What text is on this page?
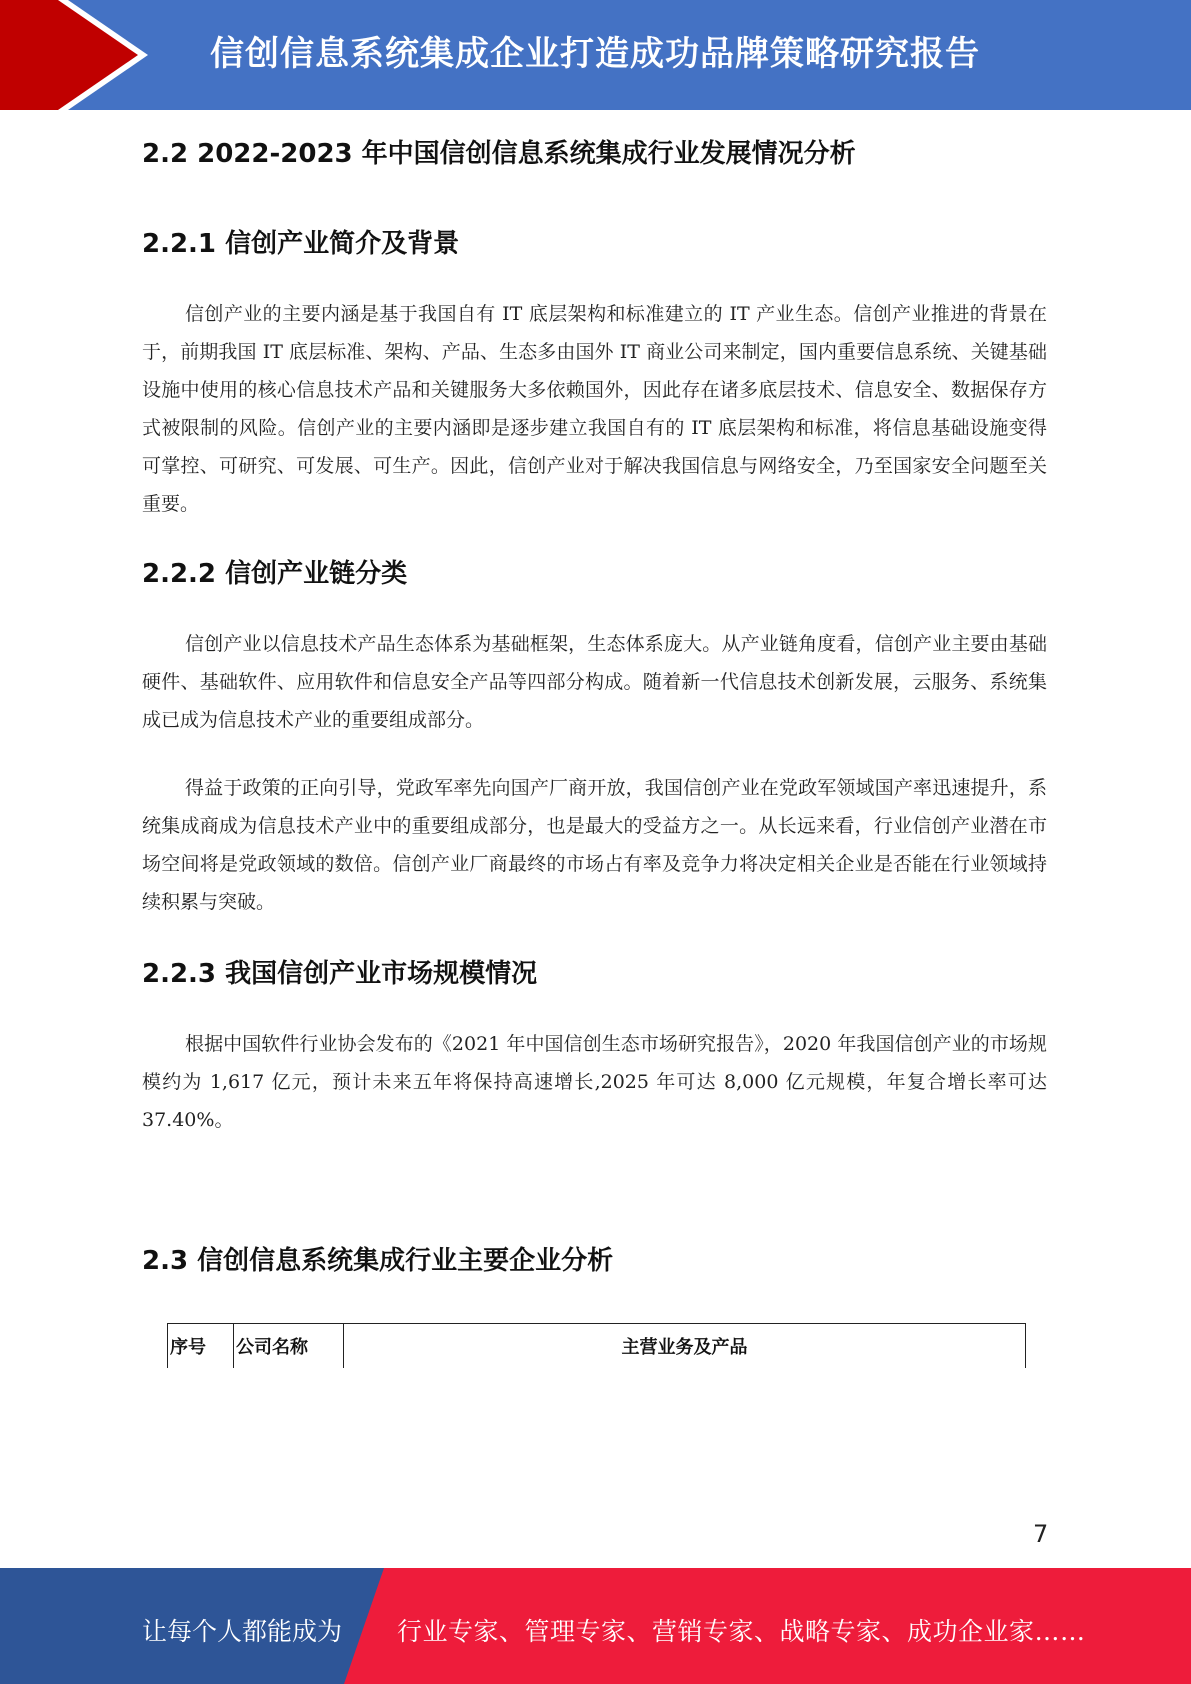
信创信息系统集成企业打造成功品牌策略研究报告
2.2 2022-2023 年中国信创信息系统集成行业发展情况分析
2.2.1 信创产业简介及背景
信创产业的主要内涵是基于我国自有 IT 底层架构和标准建立的 IT 产业生态。信创产业推进的背景在于，前期我国 IT 底层标准、架构、产品、生态多由国外 IT 商业公司来制定，国内重要信息系统、关键基础设施中使用的核心信息技术产品和关键服务大多依赖国外，因此存在诸多底层技术、信息安全、数据保存方式被限制的风险。信创产业的主要内涵即是逐步建立我国自有的 IT 底层架构和标准，将信息基础设施变得可掌控、可研究、可发展、可生产。因此，信创产业对于解决我国信息与网络安全，乃至国家安全问题至关重要。
2.2.2 信创产业链分类
信创产业以信息技术产品生态体系为基础框架，生态体系庞大。从产业链角度看，信创产业主要由基础硬件、基础软件、应用软件和信息安全产品等四部分构成。随着新一代信息技术创新发展，云服务、系统集成已成为信息技术产业的重要组成部分。
得益于政策的正向引导，党政军率先向国产厂商开放，我国信创产业在党政军领域国产率迅速提升，系统集成商成为信息技术产业中的重要组成部分，也是最大的受益方之一。从长远来看，行业信创产业潜在市场空间将是党政领域的数倍。信创产业厂商最终的市场占有率及竞争力将决定相关企业是否能在行业领域持续积累与突破。
2.2.3 我国信创产业市场规模情况
根据中国软件行业协会发布的《2021 年中国信创生态市场研究报告》，2020 年我国信创产业的市场规模约为 1,617 亿元，预计未来五年将保持高速增长,2025 年可达 8,000 亿元规模，年复合增长率可达 37.40%。
2.3 信创信息系统集成行业主要企业分析
序号	公司名称	主营业务及产品
7
让每个人都能成为 行业专家、管理专家、营销专家、战略专家、成功企业家……
